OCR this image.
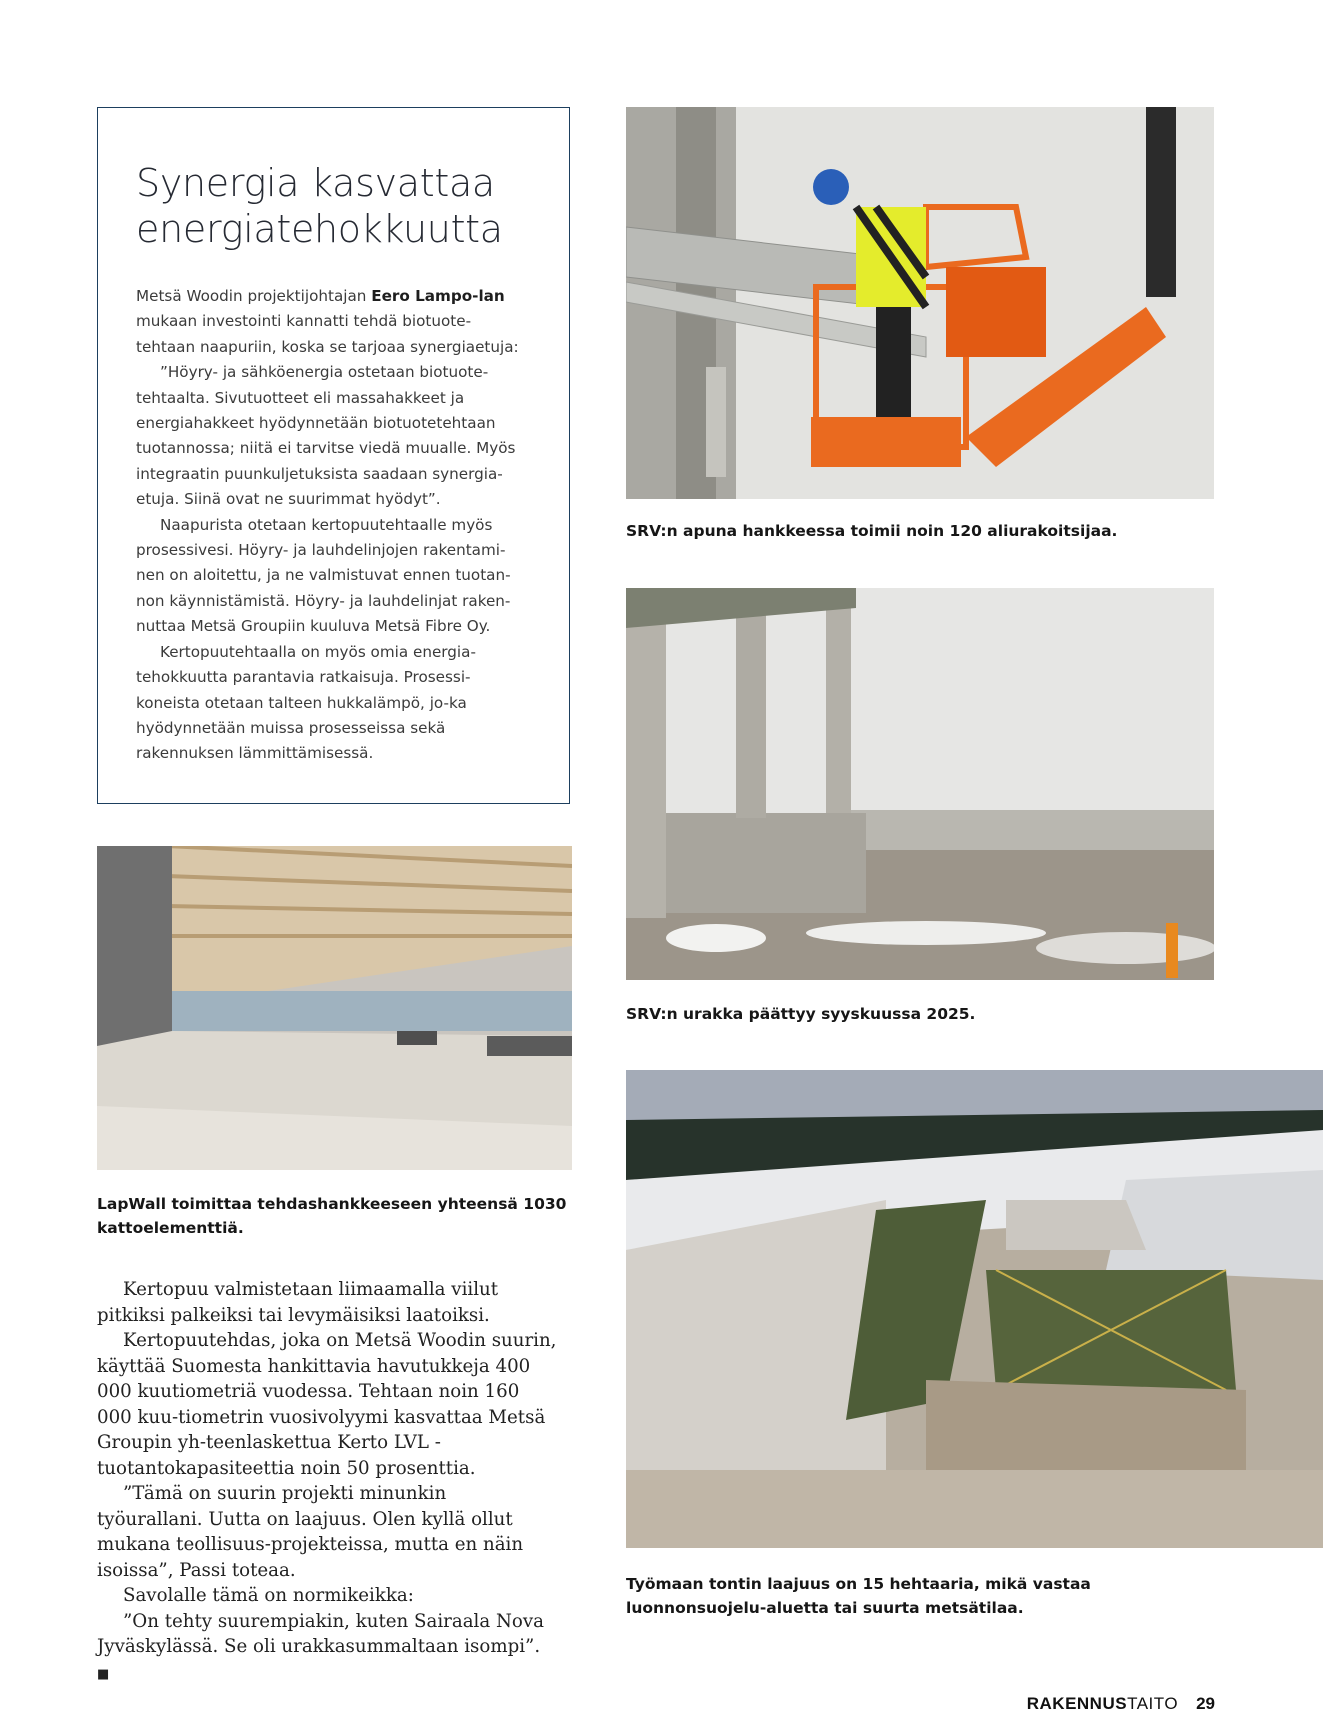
Synergia kasvattaa
energiatehokkuutta

Metsä Woodin projektijohtajan Eero Lampo-lan mukaan investointi kannatti tehdä biotuote-tehtaan naapuriin, koska se tarjoaa synergiaetuja:

”Höyry- ja sähköenergia ostetaan biotuote-tehtaalta. Sivutuotteet eli massahakkeet ja energiahakkeet hyödynnetään biotuotetehtaan tuotannossa; niitä ei tarvitse viedä muualle. Myös integraatin puunkuljetuksista saadaan synergia-etuja. Siinä ovat ne suurimmat hyödyt”.

Naapurista otetaan kertopuutehtaalle myös prosessivesi. Höyry- ja lauhdelinjojen rakentami-nen on aloitettu, ja ne valmistuvat ennen tuotan-non käynnistämistä. Höyry- ja lauhdelinjat raken-nuttaa Metsä Groupiin kuuluva Metsä Fibre Oy.

Kertopuutehtaalla on myös omia energia-tehokkuutta parantavia ratkaisuja. Prosessi-koneista otetaan talteen hukkalämpö, jo-ka hyödynnetään muissa prosesseissa sekä rakennuksen lämmittämisessä.

SRV:n apuna hankkeessa toimii noin 120 aliurakoitsijaa.

SRV:n urakka päättyy syyskuussa 2025.

LapWall toimittaa tehdashankkeeseen yhteensä 1030 kattoelementtiä.

Työmaan tontin laajuus on 15 hehtaaria, mikä vastaa luonnonsuojelu-aluetta tai suurta metsätilaa.

Kertopuu valmistetaan liimaamalla viilut pitkiksi palkeiksi tai levymäisiksi laatoiksi.

Kertopuutehdas, joka on Metsä Woodin suurin, käyttää Suomesta hankittavia havutukkeja 400 000 kuutiometriä vuodessa. Tehtaan noin 160 000 kuu-tiometrin vuosivolyymi kasvattaa Metsä Groupin yh-teenlaskettua Kerto LVL -tuotantokapasiteettia noin 50 prosenttia.

”Tämä on suurin projekti minunkin työurallani. Uutta on laajuus. Olen kyllä ollut mukana teollisuus-projekteissa, mutta en näin isoissa”, Passi toteaa.

Savolalle tämä on normikeikka:

”On tehty suurempiakin, kuten Sairaala Nova Jyväskylässä. Se oli urakkasummaltaan isompi”. ■

RAKENNUSTAITO 29
